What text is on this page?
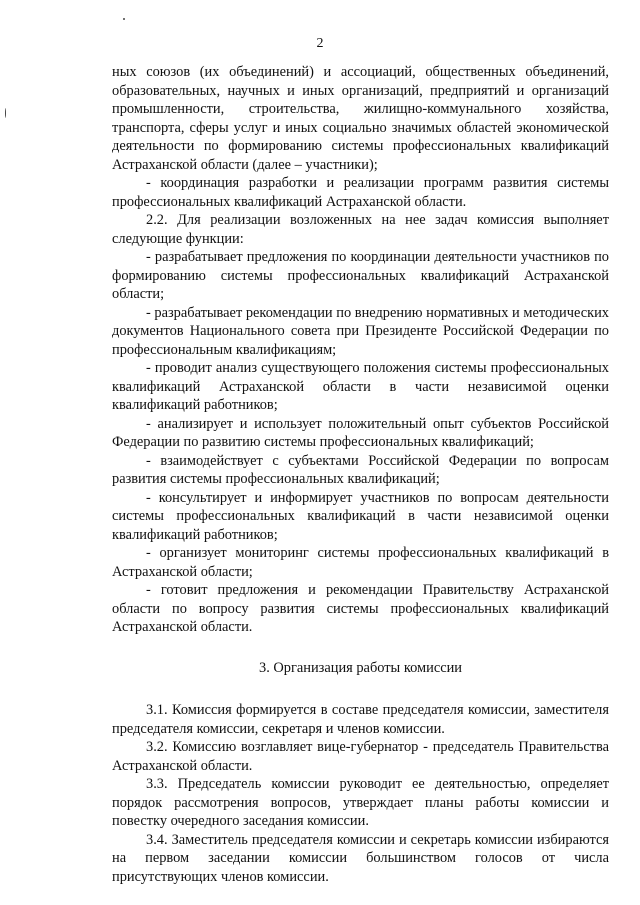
2

ных союзов (их объединений) и ассоциаций, общественных объединений, образовательных, научных и иных организаций, предприятий и организаций промышленности, строительства, жилищно-коммунального хозяйства, транспорта, сферы услуг и иных социально значимых областей экономической деятельности по формированию системы профессиональных квалификаций Астраханской области (далее – участники);

- координация разработки и реализации программ развития системы профессиональных квалификаций Астраханской области.

2.2. Для реализации возложенных на нее задач комиссия выполняет следующие функции:

- разрабатывает предложения по координации деятельности участников по формированию системы профессиональных квалификаций Астраханской области;

- разрабатывает рекомендации по внедрению нормативных и методических документов Национального совета при Президенте Российской Федерации по профессиональным квалификациям;

- проводит анализ существующего положения системы профессиональных квалификаций Астраханской области в части независимой оценки квалификаций работников;

- анализирует и использует положительный опыт субъектов Российской Федерации по развитию системы профессиональных квалификаций;

- взаимодействует с субъектами Российской Федерации по вопросам развития системы профессиональных квалификаций;

- консультирует и информирует участников по вопросам деятельности системы профессиональных квалификаций в части независимой оценки квалификаций работников;

- организует мониторинг системы профессиональных квалификаций в Астраханской области;

- готовит предложения и рекомендации Правительству Астраханской области по вопросу развития системы профессиональных квалификаций Астраханской области.

3. Организация работы комиссии

3.1. Комиссия формируется в составе председателя комиссии, заместителя председателя комиссии, секретаря и членов комиссии.

3.2. Комиссию возглавляет вице-губернатор - председатель Правительства Астраханской области.

3.3. Председатель комиссии руководит ее деятельностью, определяет порядок рассмотрения вопросов, утверждает планы работы комиссии и повестку очередного заседания комиссии.

3.4. Заместитель председателя комиссии и секретарь комиссии избираются на первом заседании комиссии большинством голосов от числа присутствующих членов комиссии.
